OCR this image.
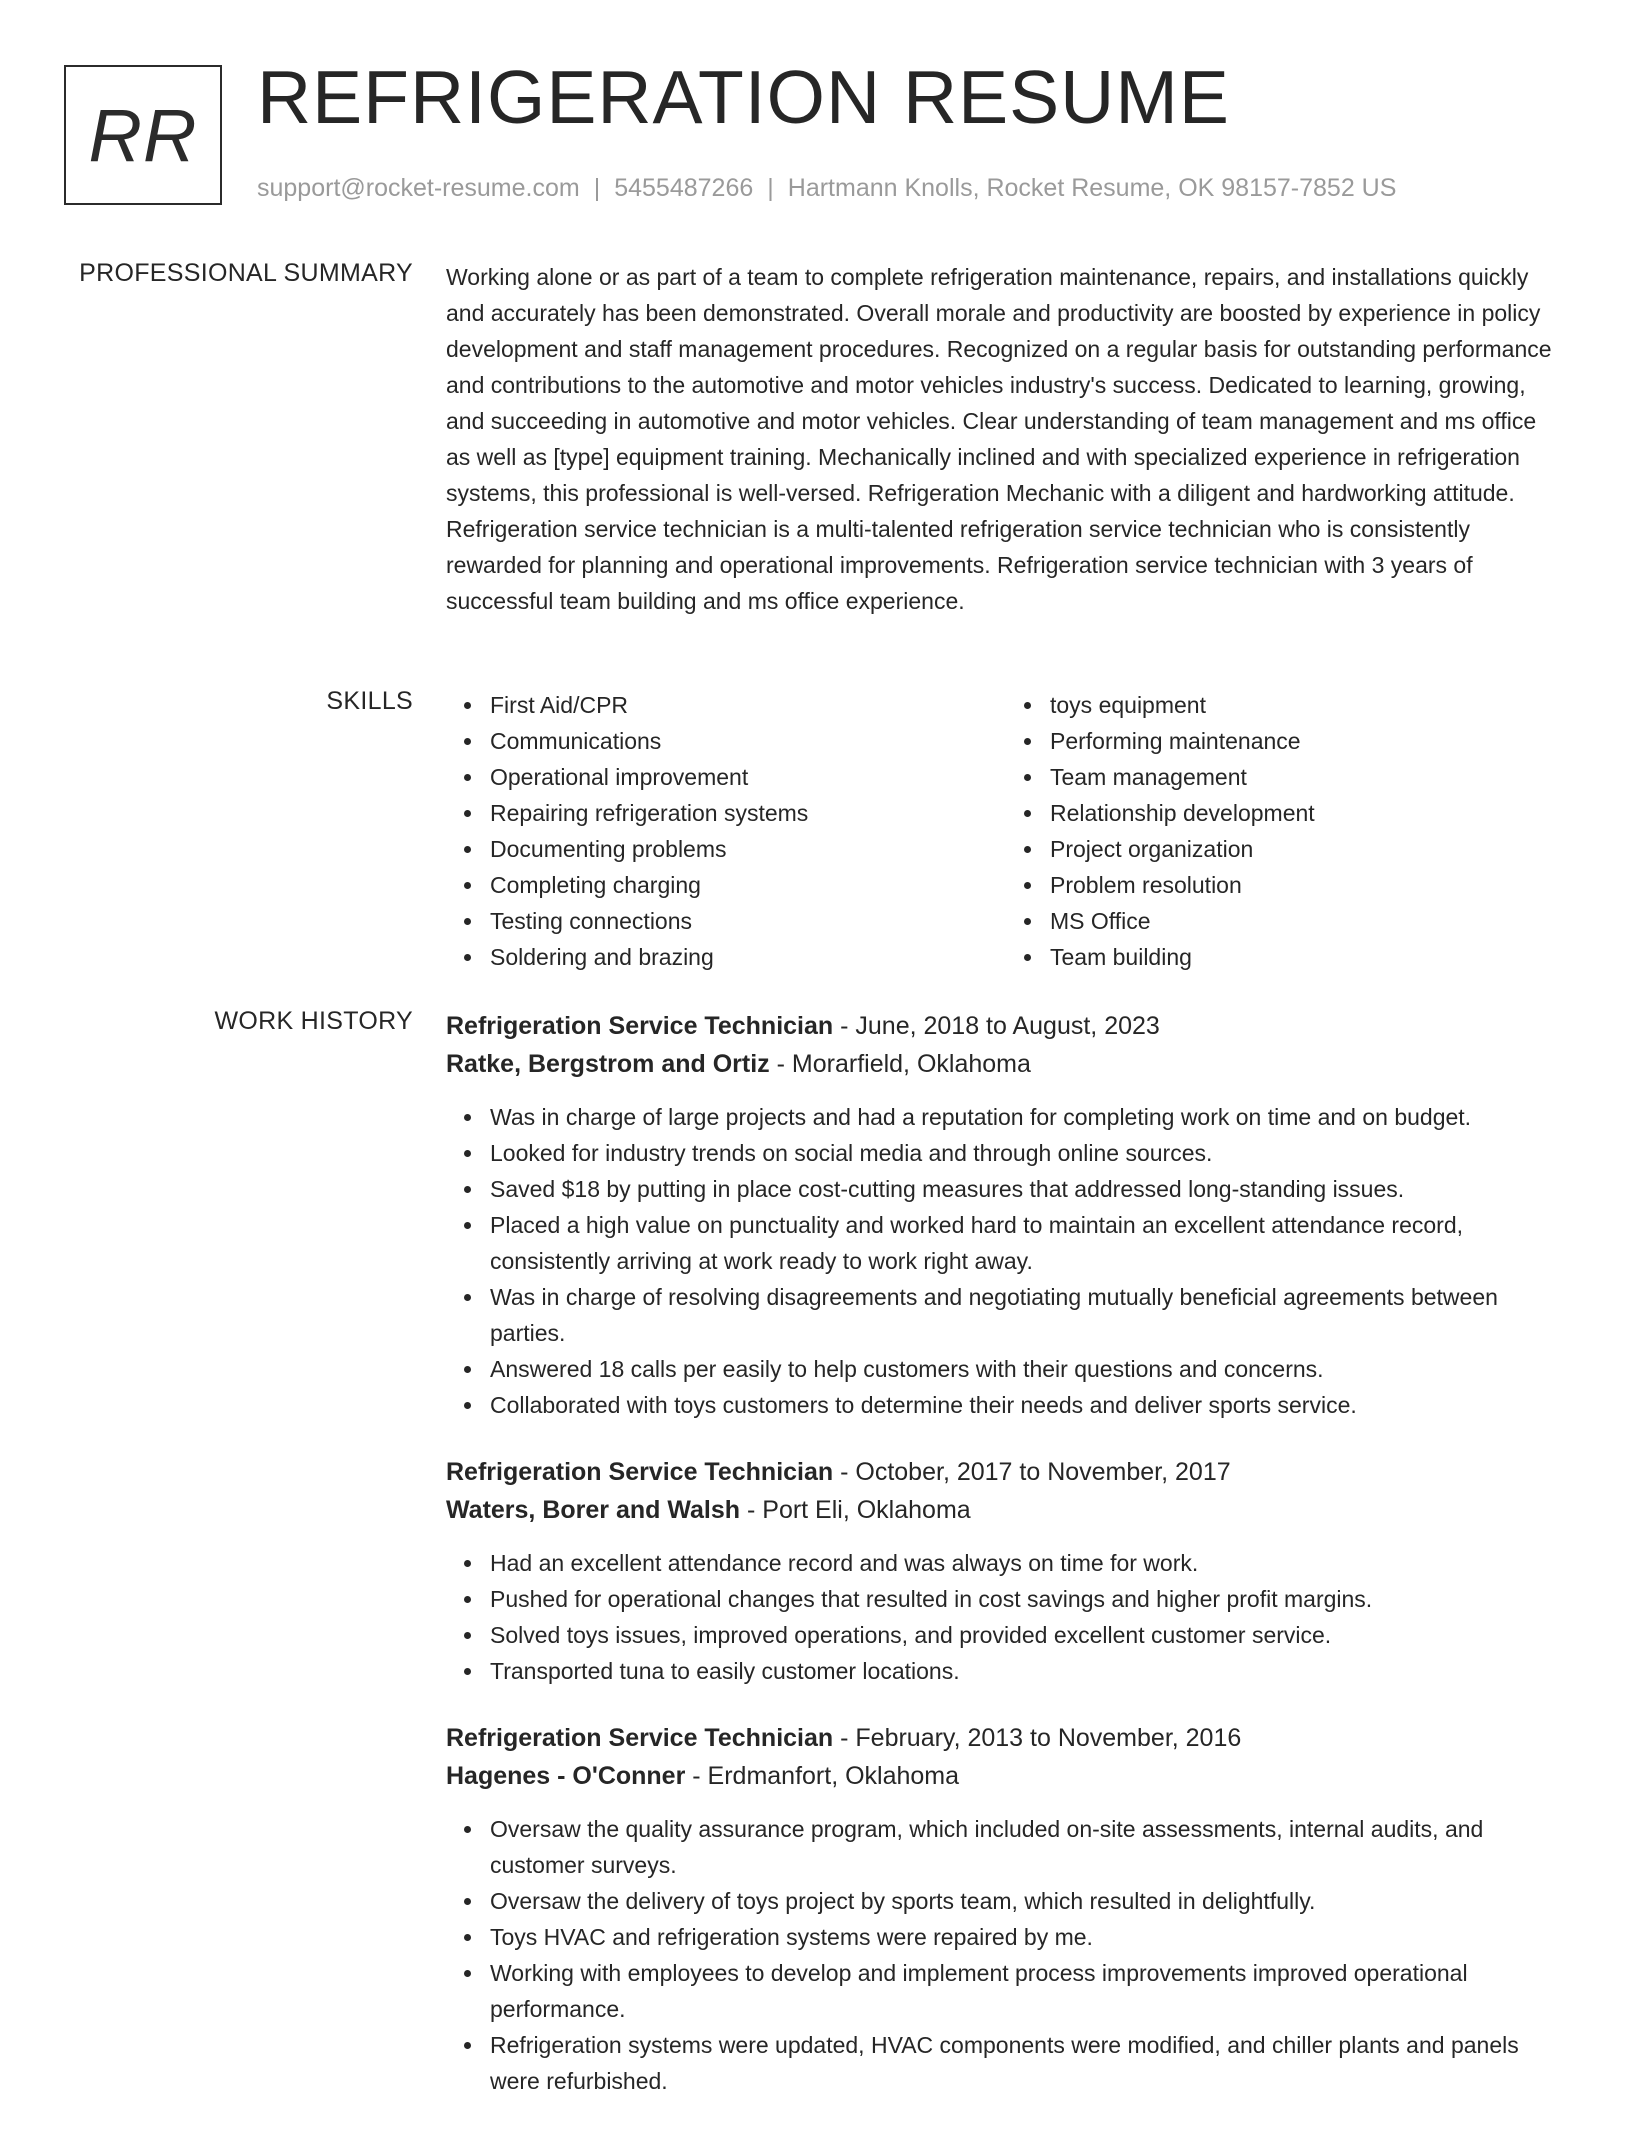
RR REFRIGERATION RESUME
support@rocket-resume.com | 5455487266 | Hartmann Knolls, Rocket Resume, OK 98157-7852 US
PROFESSIONAL SUMMARY Working alone or as part of a team to complete refrigeration maintenance, repairs, and installations quickly and accurately has been demonstrated. Overall morale and productivity are boosted by experience in policy development and staff management procedures. Recognized on a regular basis for outstanding performance and contributions to the automotive and motor vehicles industry's success. Dedicated to learning, growing, and succeeding in automotive and motor vehicles. Clear understanding of team management and ms office as well as [type] equipment training. Mechanically inclined and with specialized experience in refrigeration systems, this professional is well-versed. Refrigeration Mechanic with a diligent and hardworking attitude. Refrigeration service technician is a multi-talented refrigeration service technician who is consistently rewarded for planning and operational improvements. Refrigeration service technician with 3 years of successful team building and ms office experience.

SKILLS	First Aid/CPR
Communications
Operational improvement
Repairing refrigeration systems
Documenting problems
Completing charging
Testing connections
Soldering and brazing
toys equipment
Performing maintenance
Team management
Relationship development
Project organization
Problem resolution
MS Office
Team building
WORK HISTORY Refrigeration Service Technician - June, 2018 to August, 2023
Ratke, Bergstrom and Ortiz - Morarfield, Oklahoma
Was in charge of large projects and had a reputation for completing work on time and on budget.
Looked for industry trends on social media and through online sources.
Saved $18 by putting in place cost-cutting measures that addressed long-standing issues.
Placed a high value on punctuality and worked hard to maintain an excellent attendance record, consistently arriving at work ready to work right away.
Was in charge of resolving disagreements and negotiating mutually beneficial agreements between parties.
Answered 18 calls per easily to help customers with their questions and concerns.
Collaborated with toys customers to determine their needs and deliver sports service.
Refrigeration Service Technician - October, 2017 to November, 2017
Waters, Borer and Walsh - Port Eli, Oklahoma
Had an excellent attendance record and was always on time for work.
Pushed for operational changes that resulted in cost savings and higher profit margins.
Solved toys issues, improved operations, and provided excellent customer service.
Transported tuna to easily customer locations.
Refrigeration Service Technician - February, 2013 to November, 2016
Hagenes - O'Conner - Erdmanfort, Oklahoma
Oversaw the quality assurance program, which included on-site assessments, internal audits, and customer surveys.
Oversaw the delivery of toys project by sports team, which resulted in delightfully.
Toys HVAC and refrigeration systems were repaired by me.
Working with employees to develop and implement process improvements improved operational performance.
Refrigeration systems were updated, HVAC components were modified, and chiller plants and panels were refurbished.
